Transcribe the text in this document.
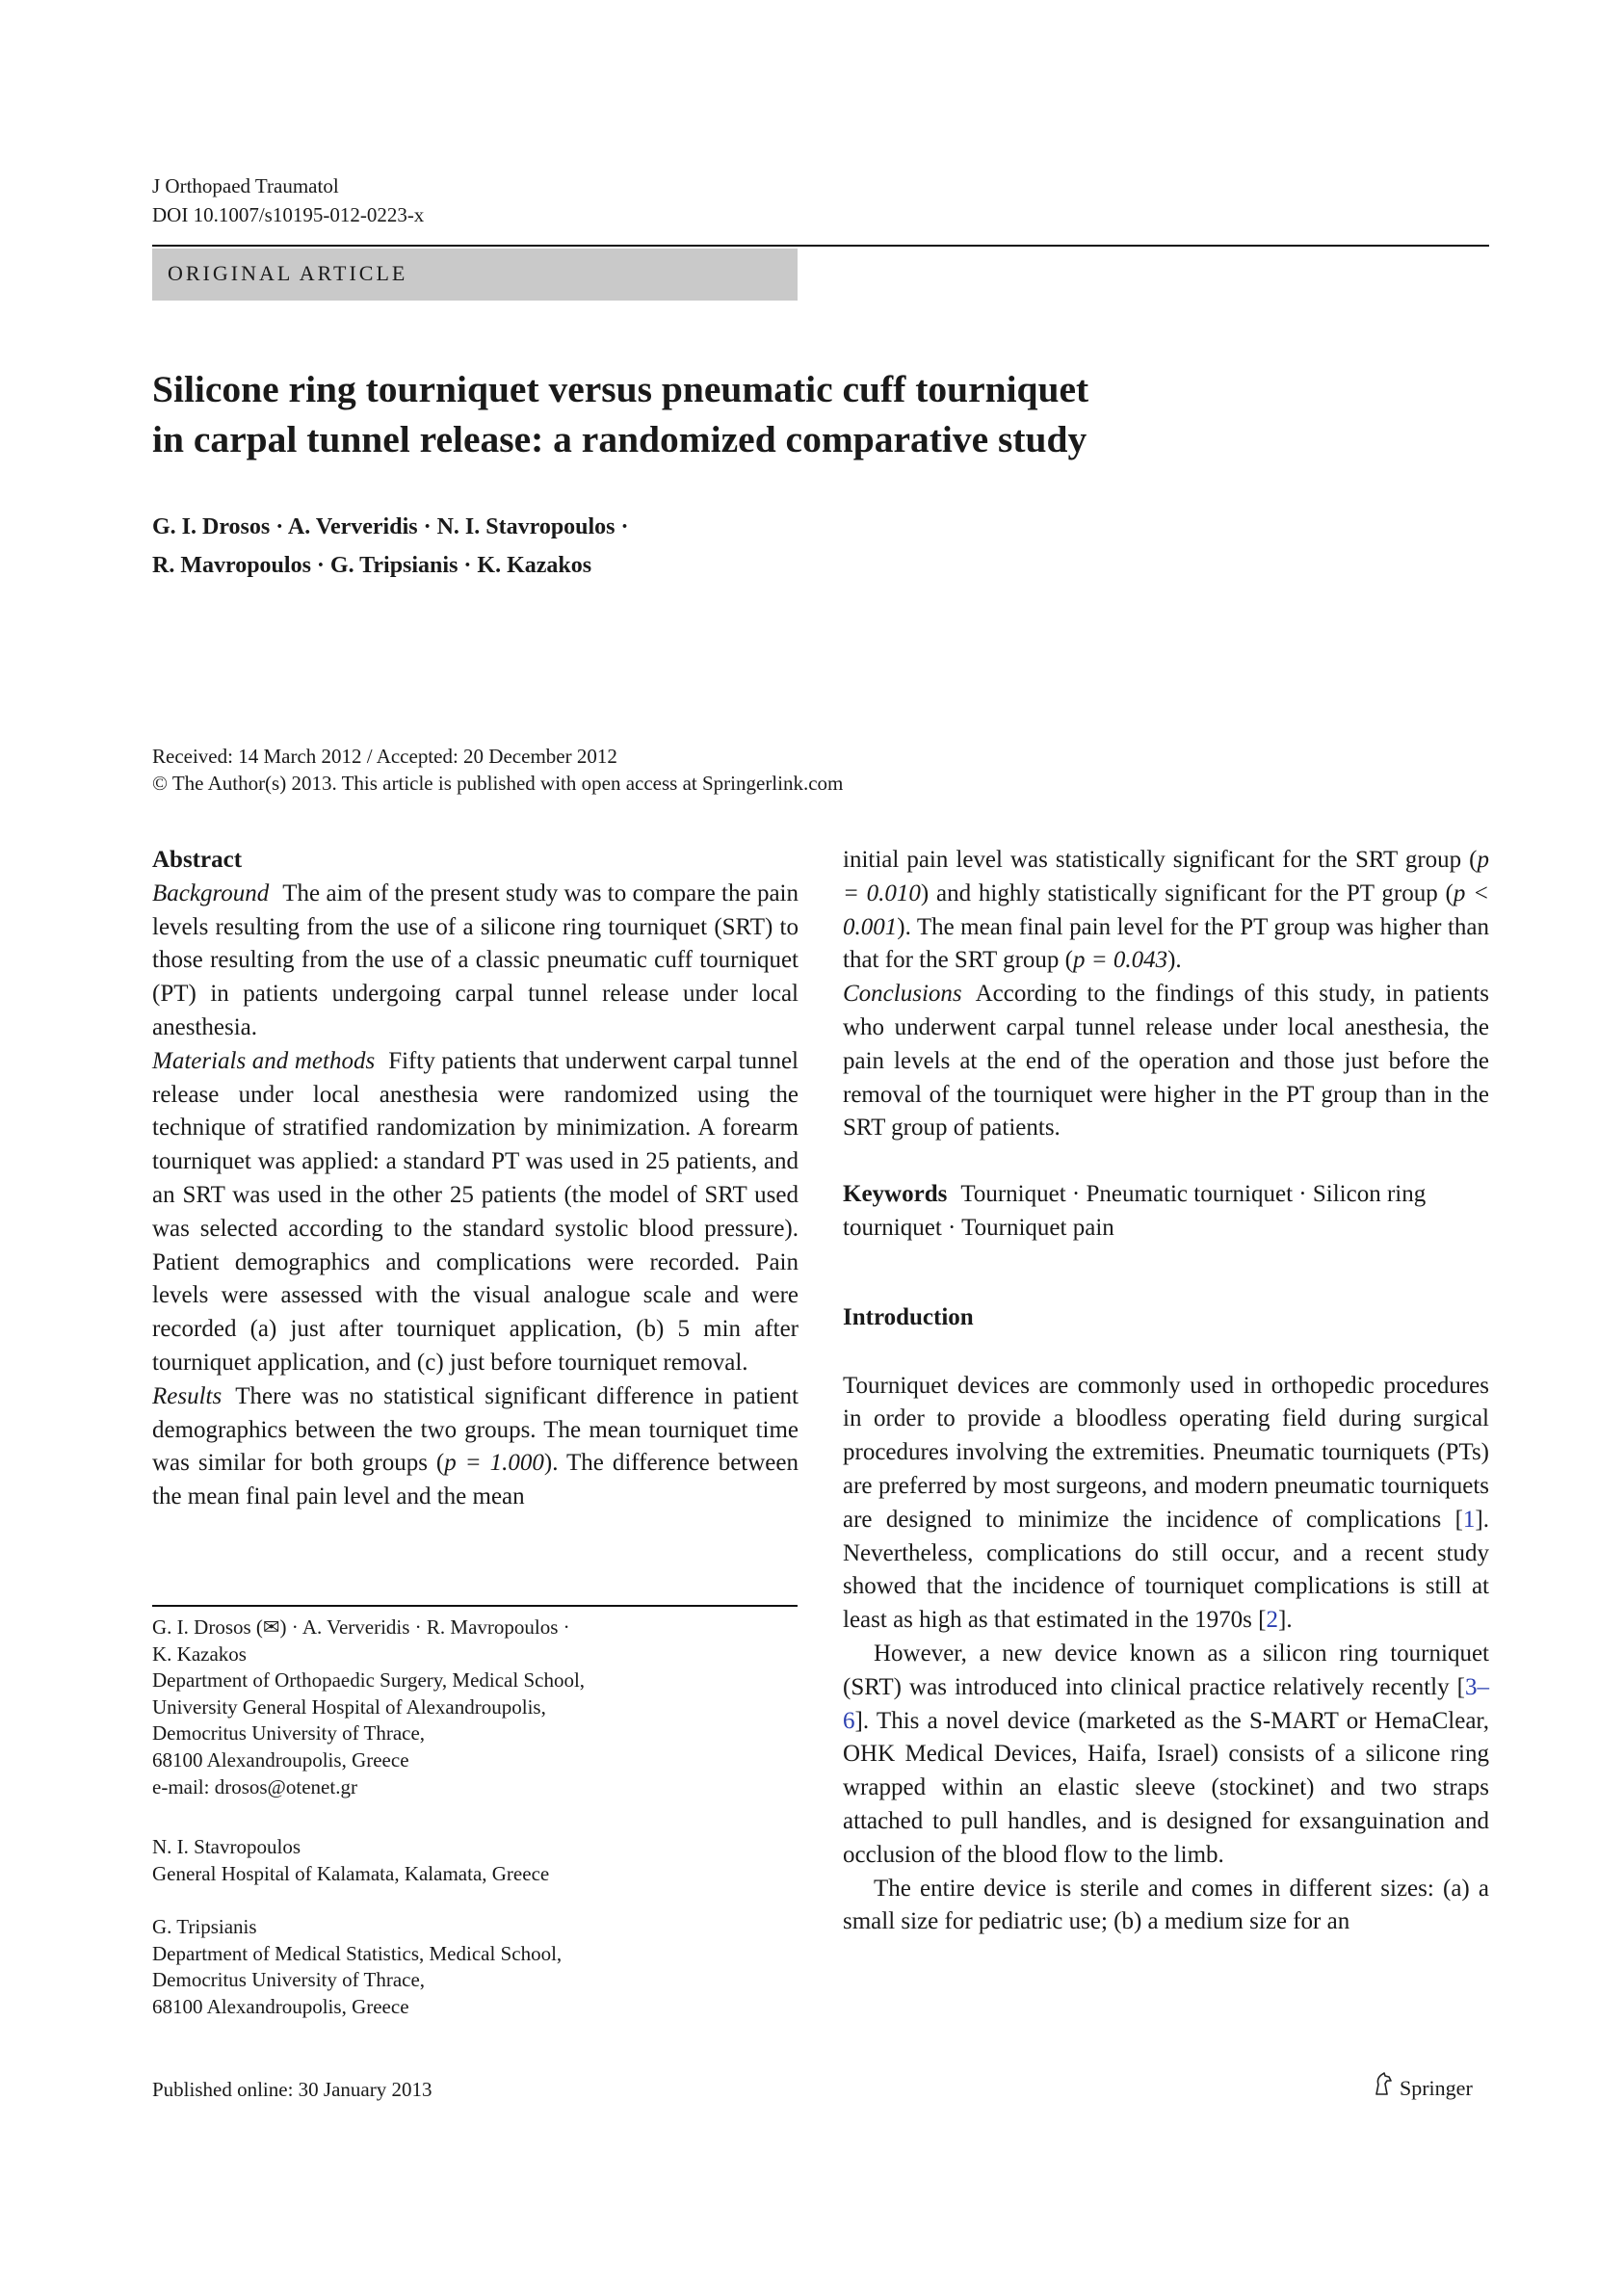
J Orthopaed Traumatol
DOI 10.1007/s10195-012-0223-x
ORIGINAL ARTICLE
Silicone ring tourniquet versus pneumatic cuff tourniquet
in carpal tunnel release: a randomized comparative study
G. I. Drosos · A. Ververidis · N. I. Stavropoulos ·
R. Mavropoulos · G. Tripsianis · K. Kazakos
Received: 14 March 2012 / Accepted: 20 December 2012
© The Author(s) 2013. This article is published with open access at Springerlink.com

Abstract

Background The aim of the present study was to compare the pain levels resulting from the use of a silicone ring tourniquet (SRT) to those resulting from the use of a classic pneumatic cuff tourniquet (PT) in patients undergoing carpal tunnel release under local anesthesia.

Materials and methods Fifty patients that underwent carpal tunnel release under local anesthesia were randomized using the technique of stratified randomization by minimization. A forearm tourniquet was applied: a standard PT was used in 25 patients, and an SRT was used in the other 25 patients (the model of SRT used was selected according to the standard systolic blood pressure). Patient demographics and complications were recorded. Pain levels were assessed with the visual analogue scale and were recorded (a) just after tourniquet application, (b) 5 min after tourniquet application, and (c) just before tourniquet removal.

Results There was no statistical significant difference in patient demographics between the two groups. The mean tourniquet time was similar for both groups (p = 1.000). The difference between the mean final pain level and the mean

G. I. Drosos (✉) · A. Ververidis · R. Mavropoulos ·

K. Kazakos

Department of Orthopaedic Surgery, Medical School,

University General Hospital of Alexandroupolis,

Democritus University of Thrace,

68100 Alexandroupolis, Greece

e-mail: drosos@otenet.gr

N. I. Stavropoulos

General Hospital of Kalamata, Kalamata, Greece

G. Tripsianis

Department of Medical Statistics, Medical School,

Democritus University of Thrace,

68100 Alexandroupolis, Greece

initial pain level was statistically significant for the SRT group (p = 0.010) and highly statistically significant for the PT group (p < 0.001). The mean final pain level for the PT group was higher than that for the SRT group (p = 0.043).

Conclusions According to the findings of this study, in patients who underwent carpal tunnel release under local anesthesia, the pain levels at the end of the operation and those just before the removal of the tourniquet were higher in the PT group than in the SRT group of patients.

Keywords Tourniquet · Pneumatic tourniquet · Silicon ring tourniquet · Tourniquet pain

Introduction

Tourniquet devices are commonly used in orthopedic procedures in order to provide a bloodless operating field during surgical procedures involving the extremities. Pneumatic tourniquets (PTs) are preferred by most surgeons, and modern pneumatic tourniquets are designed to minimize the incidence of complications [1]. Nevertheless, complications do still occur, and a recent study showed that the incidence of tourniquet complications is still at least as high as that estimated in the 1970s [2].

However, a new device known as a silicon ring tourniquet (SRT) was introduced into clinical practice relatively recently [3–6]. This a novel device (marketed as the S-MART or HemaClear, OHK Medical Devices, Haifa, Israel) consists of a silicone ring wrapped within an elastic sleeve (stockinet) and two straps attached to pull handles, and is designed for exsanguination and occlusion of the blood flow to the limb.

The entire device is sterile and comes in different sizes: (a) a small size for pediatric use; (b) a medium size for an

Published online: 30 January 2013	Springer
